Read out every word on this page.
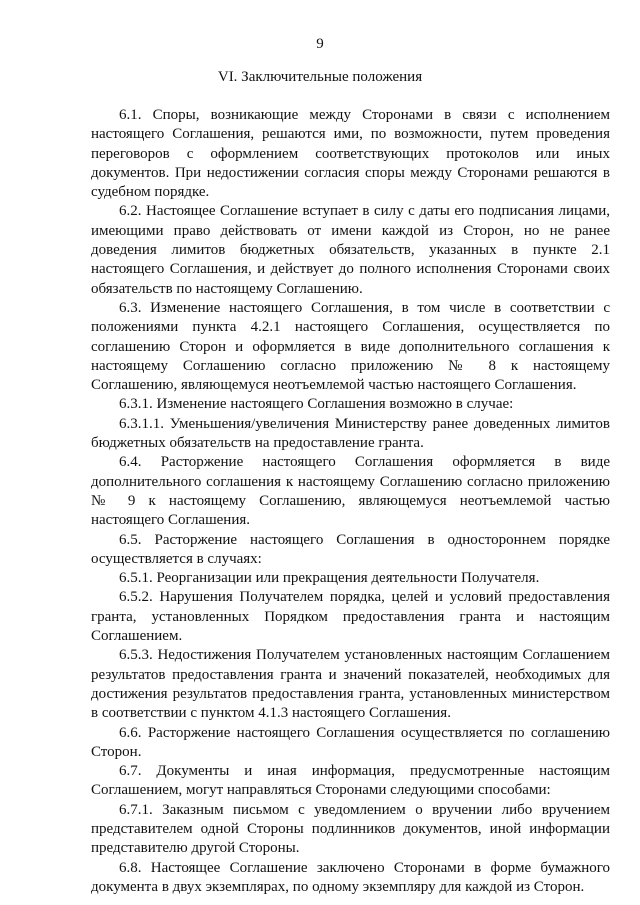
9
VI. Заключительные положения

6.1. Споры, возникающие между Сторонами в связи с исполнением настоящего Соглашения, решаются ими, по возможности, путем проведения переговоров с оформлением соответствующих протоколов или иных документов. При недостижении согласия споры между Сторонами решаются в судебном порядке.

6.2. Настоящее Соглашение вступает в силу с даты его подписания лицами, имеющими право действовать от имени каждой из Сторон, но не ранее доведения лимитов бюджетных обязательств, указанных в пункте 2.1 настоящего Соглашения, и действует до полного исполнения Сторонами своих обязательств по настоящему Соглашению.

6.3. Изменение настоящего Соглашения, в том числе в соответствии с положениями пункта 4.2.1 настоящего Соглашения, осуществляется по соглашению Сторон и оформляется в виде дополнительного соглашения к настоящему Соглашению согласно приложению № 8 к настоящему Соглашению, являющемуся неотъемлемой частью настоящего Соглашения.

6.3.1. Изменение настоящего Соглашения возможно в случае:

6.3.1.1. Уменьшения/увеличения Министерству ранее доведенных лимитов бюджетных обязательств на предоставление гранта.

6.4. Расторжение настоящего Соглашения оформляется в виде дополнительного соглашения к настоящему Соглашению согласно приложению № 9 к настоящему Соглашению, являющемуся неотъемлемой частью настоящего Соглашения.

6.5. Расторжение настоящего Соглашения в одностороннем порядке осуществляется в случаях:

6.5.1. Реорганизации или прекращения деятельности Получателя.

6.5.2. Нарушения Получателем порядка, целей и условий предоставления гранта, установленных Порядком предоставления гранта и настоящим Соглашением.

6.5.3. Недостижения Получателем установленных настоящим Соглашением результатов предоставления гранта и значений показателей, необходимых для достижения результатов предоставления гранта, установленных министерством в соответствии с пунктом 4.1.3 настоящего Соглашения.

6.6. Расторжение настоящего Соглашения осуществляется по соглашению Сторон.

6.7. Документы и иная информация, предусмотренные настоящим Соглашением, могут направляться Сторонами следующими способами:

6.7.1. Заказным письмом с уведомлением о вручении либо вручением представителем одной Стороны подлинников документов, иной информации представителю другой Стороны.

6.8. Настоящее Соглашение заключено Сторонами в форме бумажного документа в двух экземплярах, по одному экземпляру для каждой из Сторон.
